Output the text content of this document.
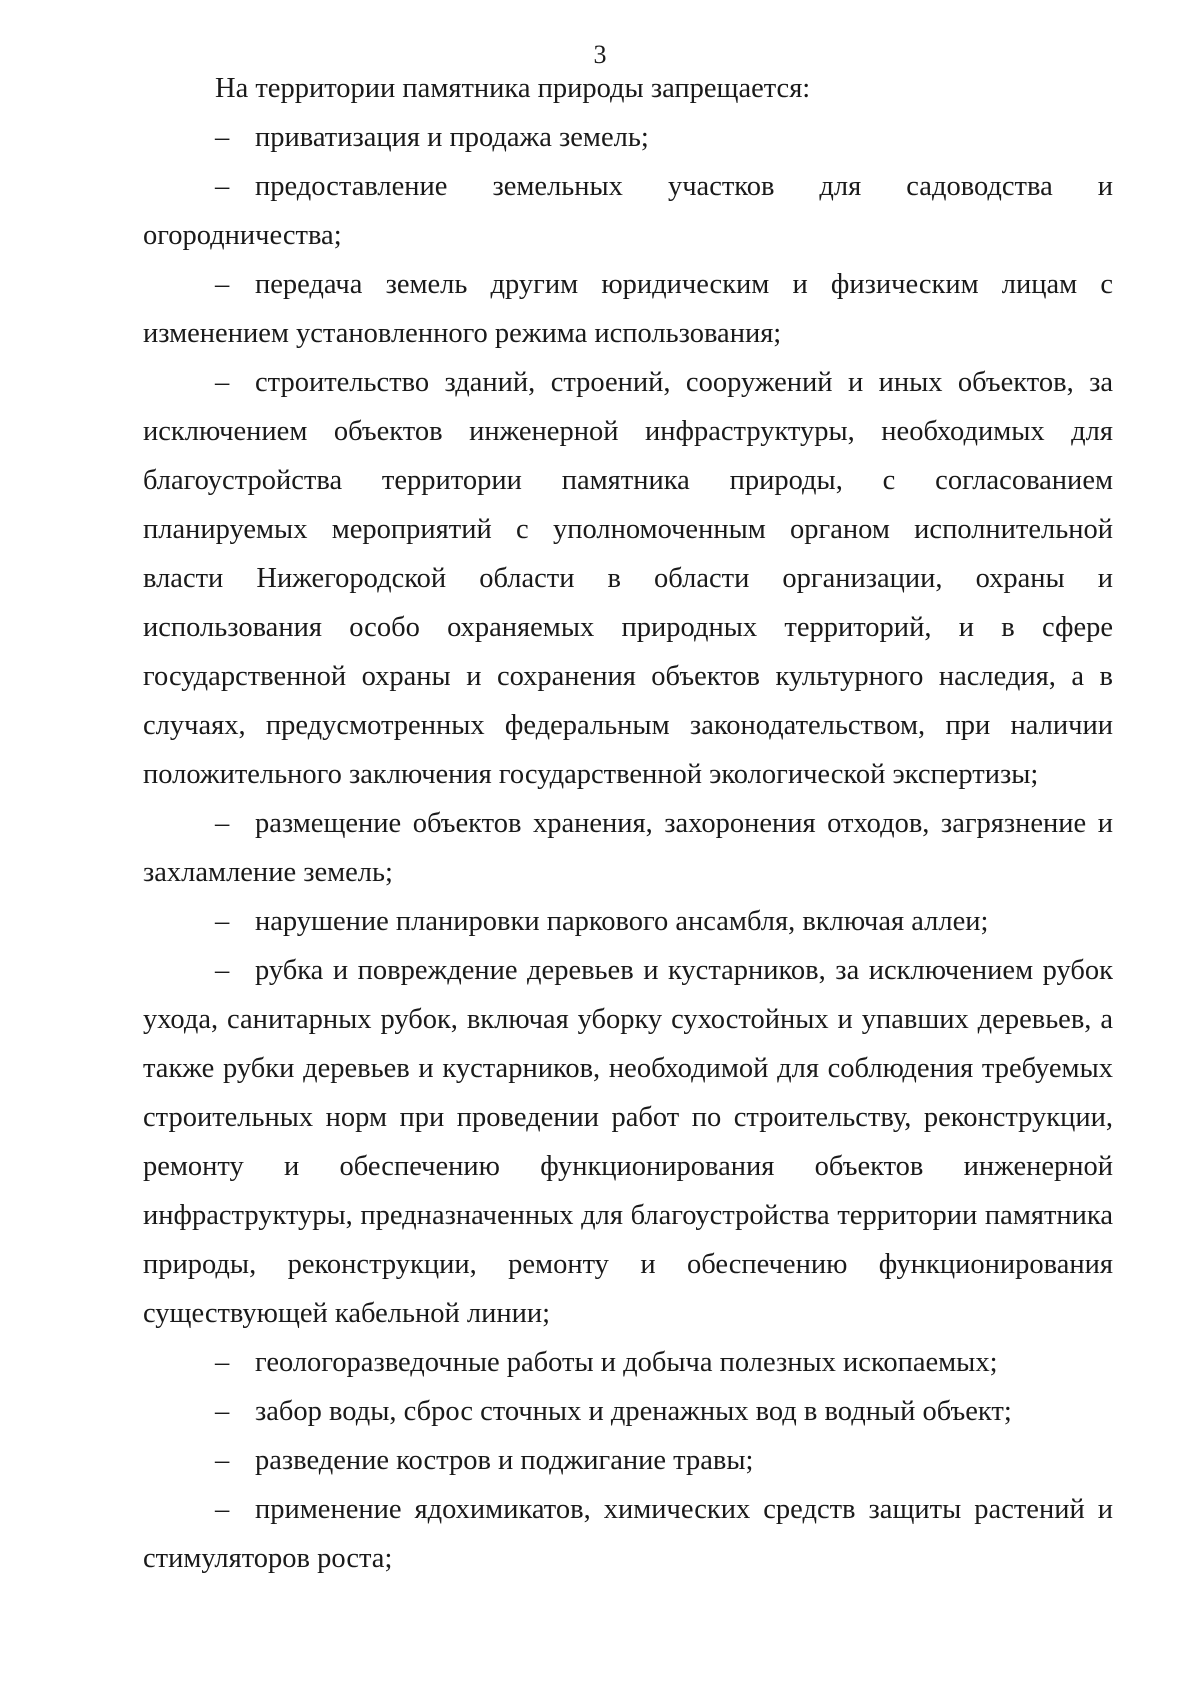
3

На территории памятника природы запрещается:

– приватизация и продажа земель;

– предоставление земельных участков для садоводства и огородничества;

– передача земель другим юридическим и физическим лицам с изменением установленного режима использования;

– строительство зданий, строений, сооружений и иных объектов, за исключением объектов инженерной инфраструктуры, необходимых для благоустройства территории памятника природы, с согласованием планируемых мероприятий с уполномоченным органом исполнительной власти Нижегородской области в области организации, охраны и использования особо охраняемых природных территорий, и в сфере государственной охраны и сохранения объектов культурного наследия, а в случаях, предусмотренных федеральным законодательством, при наличии положительного заключения государственной экологической экспертизы;

– размещение объектов хранения, захоронения отходов, загрязнение и захламление земель;

– нарушение планировки паркового ансамбля, включая аллеи;

– рубка и повреждение деревьев и кустарников, за исключением рубок ухода, санитарных рубок, включая уборку сухостойных и упавших деревьев, а также рубки деревьев и кустарников, необходимой для соблюдения требуемых строительных норм при проведении работ по строительству, реконструкции, ремонту и обеспечению функционирования объектов инженерной инфраструктуры, предназначенных для благоустройства территории памятника природы, реконструкции, ремонту и обеспечению функционирования существующей кабельной линии;

– геологоразведочные работы и добыча полезных ископаемых;

– забор воды, сброс сточных и дренажных вод в водный объект;

– разведение костров и поджигание травы;

– применение ядохимикатов, химических средств защиты растений и стимуляторов роста;
